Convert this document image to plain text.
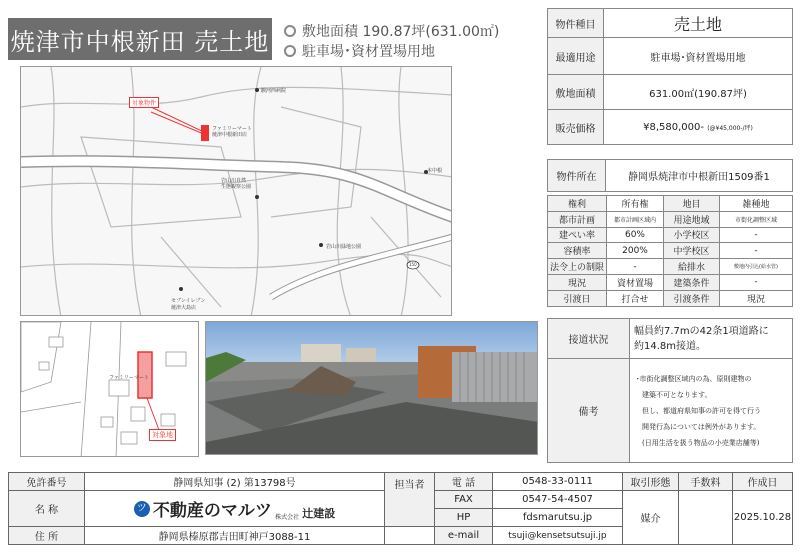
焼津市中根新田 売土地 敷地面積 190.87坪(631.00㎡)
駐車場･資材置場用地
駿河西病院
対象物件
ファミリーマート
焼津中根新田店
岩山川自然
生態観察公園
本中根
岩山川緑地公園
150
セブンイレブン
焼津大島店
ファミリーマート
対象地
物件種目	売土地
最適用途	駐車場･資材置場用地
敷地面積	631.00㎡(190.87坪)
販売価格	¥8,580,000- (@¥45,000-/坪)
物件所在	静岡県焼津市中根新田1509番1
権利	所有権	地目	雑種地
都市計画	都市計画区域内	用途地域	市街化調整区域
建ぺい率	60%	小学校区	-
容積率	200%	中学校区	-
法令上の制限	-	給排水	敷地内引込(給水管)
現況	資材置場	建築条件	-
引渡日	打合せ	引渡条件	現況
接道状況	幅員約7.7mの42条1項道路に
約14.8m接道。

備考	･市街化調整区域内の為、原則建物の
建築不可となります。
但し、都道府県知事の許可を得て行う
開発行為については例外があります。
(日用生活を扱う物品の小売業店舗等)
免許番号	静岡県知事 (2) 第13798号	担当者	電 話	0548-33-0111	取引形態	手数料	作成日
名 称	ツ 不動産のマルツ 株式会社 辻建設		FAX	0547-54-4507	媒介		2025.10.28
			HP	fdsmarutsu.jp			
住 所	静岡県榛原郡吉田町神戸3088-11		e-mail	tsuji@kensetsutsuji.jp			
